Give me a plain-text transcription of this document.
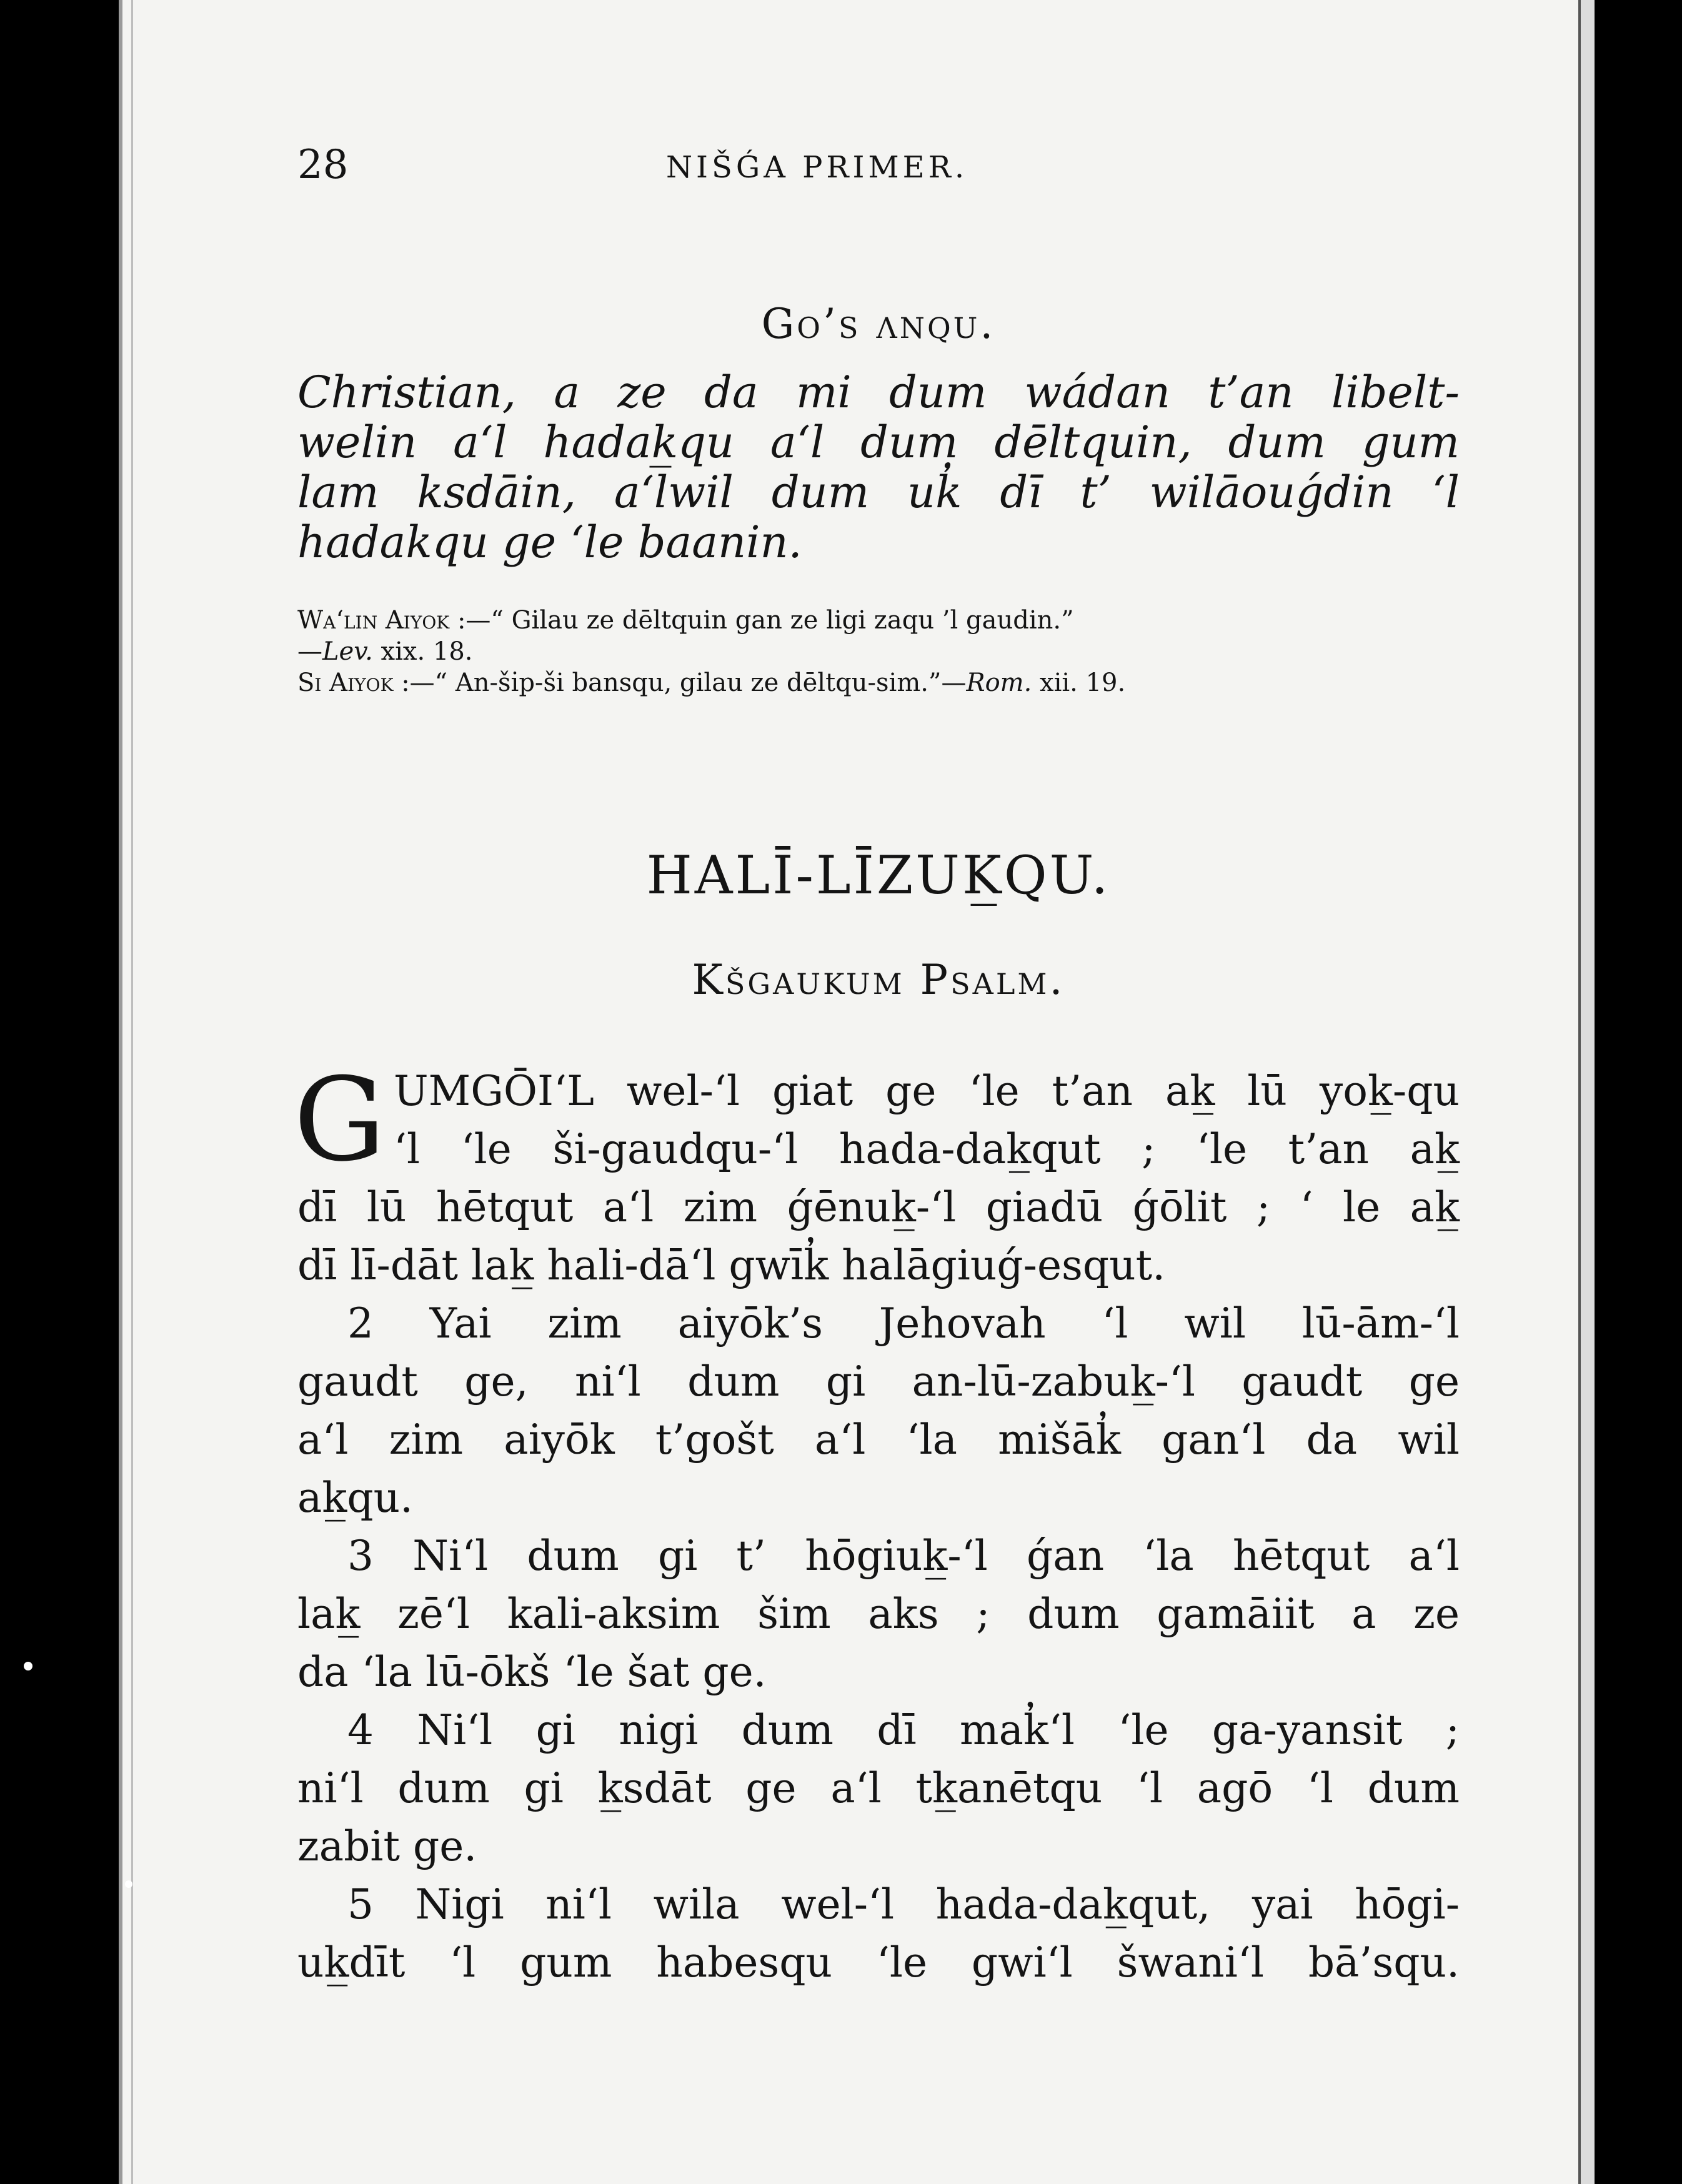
28	NIŠǴA PRIMER.
Go’s ʌnqu.
Christian, a ze da mi dum wádan t’an libelt-
welin a‘l hadak̲qu a‘l dum dēltquin, dum gum
lam ksdāin, a‘lwil dum uk̓ dī t’ wilāouǵdin ‘l
hadakqu ge ‘le baanin.
Wa‘lin Aiyok :—“ Gilau ze dēltquin gan ze ligi zaqu ’l gaudin.”
—Lev. xix. 18.
Si Aiyok :—“ An-ši̇p-ši bansqu, gilau ze dēltqu-sim.”—Rom. xii. 19.
HALĪ-LĪZUK̲QU.
Kšgaukum Psalm.
G UMGŌI‘L wel-‘l giat ge ‘le t’an ak̲ lū yok̲-qu
‘l ‘le ši-gaudqu-‘l hada-dak̲qut ; ‘le t’an ak̲
dī lū hētqut a‘l zim ǵēnuk̲-‘l giadū ǵōlit ; ‘ le ak̲
dī lī-dāt lak̲ hali-dā‘l gwīk̓ halāgiuǵ-esqut.
2 Yai zim aiyōk’s Jehovah ‘l wil lū-ām-‘l
gaudt ge, ni‘l dum gi an-lū-zabuk̲-‘l gaudt ge
a‘l zim aiyōk t’gošt a‘l ‘la mišāk̓ gan‘l da wil
ak̲qu.
3 Ni‘l dum gi t’ hōgiuk̲-‘l ǵan ‘la hētqut a‘l
lak̲ zē‘l kali-aksim šim aks ; dum gamāiit a ze
da ‘la lū-ōkš ‘le šat ge.
4 Ni‘l gi nigi dum dī mak̓‘l ‘le ga-yansit ;
ni‘l dum gi k̲sdāt ge a‘l tk̲anētqu ‘l agō ‘l dum
zabit ge.
5 Nigi ni‘l wila wel-‘l hada-dak̲qut, yai hōgi-
uk̲dīt ‘l gum habesqu ‘le gwi‘l šwani‘l bā’squ.
